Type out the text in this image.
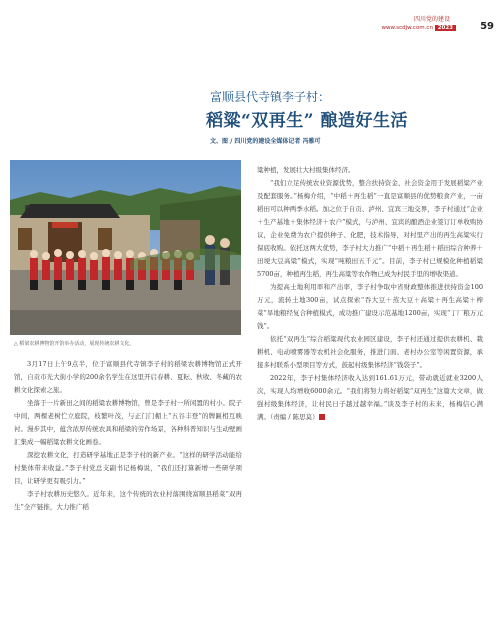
四川党的建设
www.scdjw.com.cn 2023	59
富顺县代寺镇李子村：
稻粱“双再生” 酿造好生活
文、图 / 四川党的建设全媒体记者 冯雅可
△ 稻梁农耕博物馆开馆举办活动，展现传统农耕文化。

3月17日上午9点半，位于富顺县代寺镇李子村的稻梁农耕博物馆正式开馆，自贡市光大街小学的200余名学生在这里开启春耕、夏耘、秋收、冬藏的农耕文化探索之旅。

坐落于一片新田之间的稻粱农耕博物馆，曾是李子村一所闲置的村小。院子中间，两棵老树伫立庭院，枝繁叶茂，与正门门楣上“五谷丰登”的牌匾相互映衬。漫步其中，蕴含浓厚传统农具和稻梁的劳作场景，各种科普知识与生动壁画汇集成一幅稻粱农耕文化画卷。

深挖农耕文化，打造研学基地正是李子村的新产业。“这样的研学活动能给村集体带来收益。”李子村党总支副书记杨梅说，“我们还打算新增一些研学项目，让研学更有吸引力。”

李子村农耕历史悠久。近年来，这个传统的农业村落围绕富顺县稻菜“双再生”全产链推，大力推广稻

粱种植，发展壮大村级集体经济。

“我们立足传统农业资源优势，整合扶持资金、社会资金用于发展稻粱产业及配套服务。”杨梅介绍，“中稻＋再生稻”一直是富顺县的优势粮食产业，一亩稻田可以种两季水稻。加之位于自贡、泸州、宜宾三地交界，李子村通过“企业＋生产基地＋集体经济＋农户”模式，与泸州、宜宾的酿酒企业签订订单收购协议，企业免费为农户提供种子、化肥，技术指导，对村里产出的再生高粱实行保底收购。依托这两大优势，李子村大力推广“中稻＋再生稻＋稻田综合种养＋田埂大豆高粱”模式，实现“吨粮田五千元”。目前，李子村已规模化种植稻粱5700亩，种植再生稻，再生高粱等农作物已成为村民手里的增收渠道。

为提高土地利用率和产出率，李子村争取中省财政整体推进扶持资金100万元，流转土地300亩，试点探索“吞大豆＋蒸大豆＋高粱＋再生高粱＋榨菜”旱地粮经复合种植模式，成功推广建设示范基地1200亩，实现“丁厂粮万元钱”。

依托“双再生”综合稻粱现代农业园区建设，李子村还通过提供农耕机、栽耕机、电动喷雾器等农机社会化服务，推进门面、老村办公室等闲置资源，承接多村联系小型项目等方式，鼓起村级集体经济“钱袋子”。

2022年，李子村集体经济收入达到161.61万元，带动就近就业3200人次，实现人均增收6000余元。“我们将努力将好稻粱“双再生”这篇大文章，做强村级集体经济，让村民日子越过越幸福。”谈及李子村的未来，杨梅信心满满。（责编 / 陈思莫）	■
